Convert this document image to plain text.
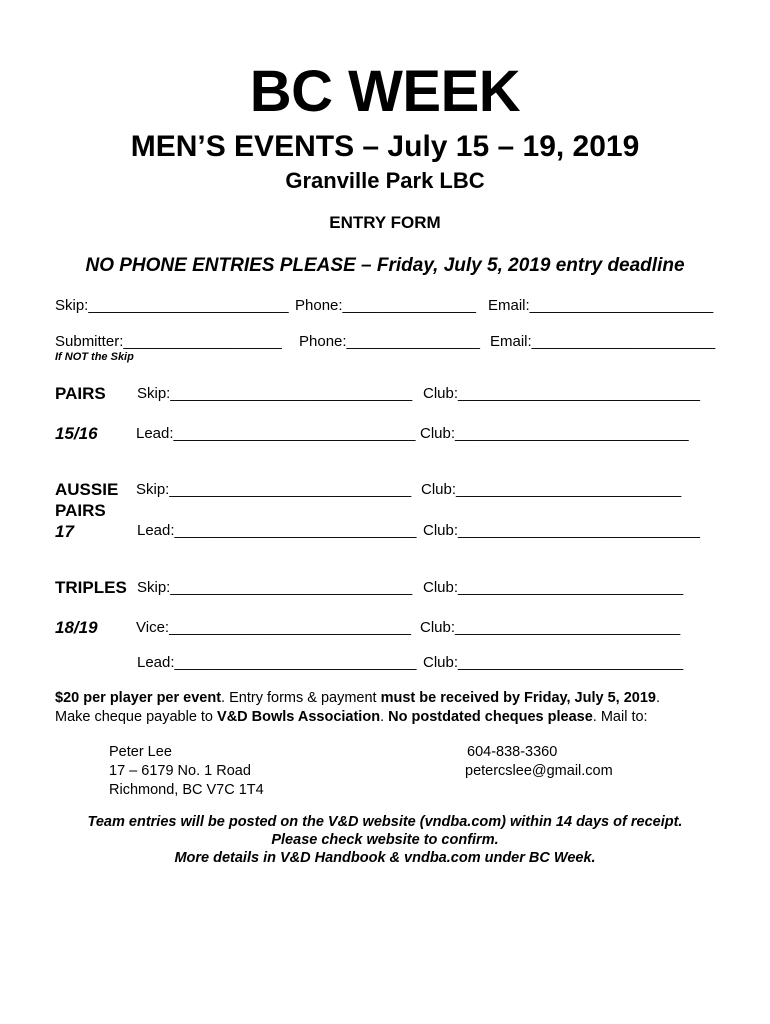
BC WEEK
MEN’S EVENTS – July 15 – 19, 2019
Granville Park LBC
ENTRY FORM
NO PHONE ENTRIES PLEASE – Friday, July 5, 2019 entry deadline
Skip:________________________ Phone:________________ Email:______________________
Submitter:___________________ Phone:________________ Email:______________________
If NOT the Skip
PAIRS
15/16
Skip:_____________________________ Club:_____________________________
Lead:_____________________________ Club:____________________________
AUSSIE
PAIRS
17
Skip:_____________________________ Club:___________________________
Lead:_____________________________ Club:_____________________________
TRIPLES
18/19
Skip:_____________________________ Club:___________________________
Vice:_____________________________ Club:___________________________
Lead:_____________________________ Club:___________________________
$20 per player per event. Entry forms & payment must be received by Friday, July 5, 2019.
Make cheque payable to V&D Bowls Association. No postdated cheques please. Mail to:
Peter Lee
17 – 6179 No. 1 Road
Richmond, BC V7C 1T4
604-838-3360
petercslee@gmail.com
Team entries will be posted on the V&D website (vndba.com) within 14 days of receipt.
Please check website to confirm.
More details in V&D Handbook & vndba.com under BC Week.
